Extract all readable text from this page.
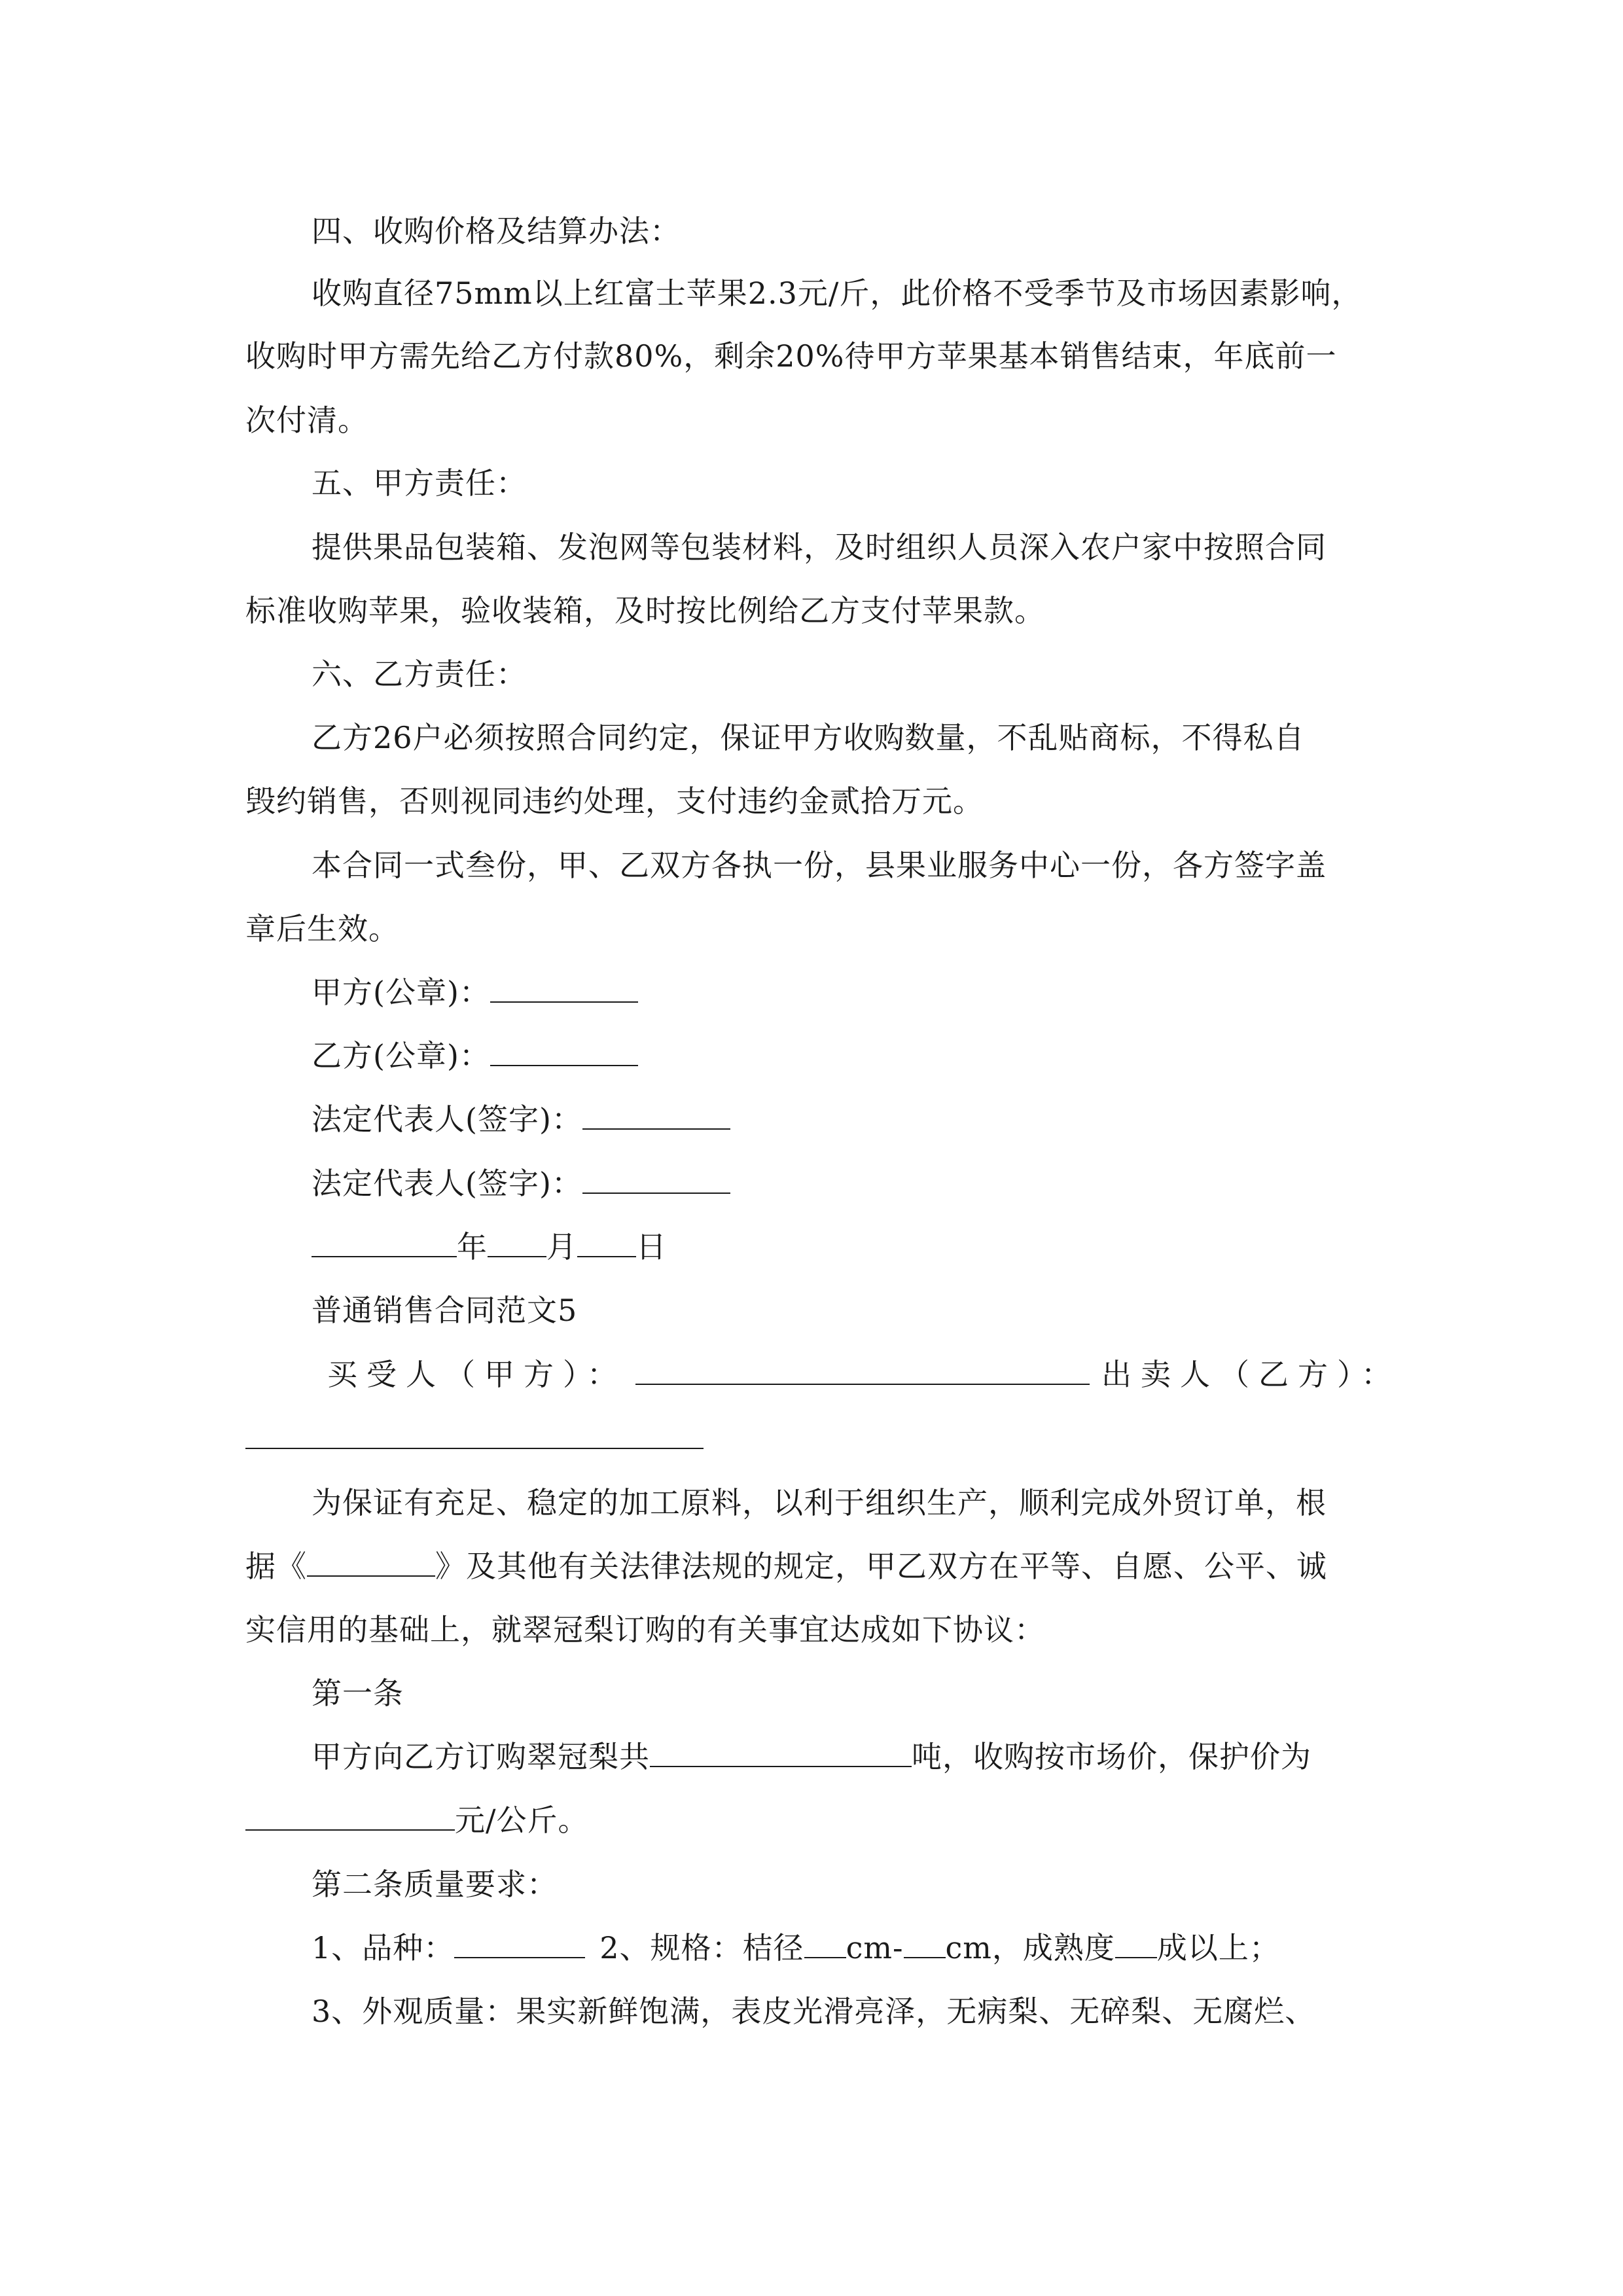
四、收购价格及结算办法：
收购直径75mm以上红富士苹果2.3元/斤，此价格不受季节及市场因素影响，
收购时甲方需先给乙方付款80%，剩余20%待甲方苹果基本销售结束，年底前一
次付清。
五、甲方责任：
提供果品包装箱、发泡网等包装材料，及时组织人员深入农户家中按照合同
标准收购苹果，验收装箱，及时按比例给乙方支付苹果款。
六、乙方责任：
乙方26户必须按照合同约定，保证甲方收购数量，不乱贴商标，不得私自
毁约销售，否则视同违约处理，支付违约金贰拾万元。
本合同一式叁份，甲、乙双方各执一份，县果业服务中心一份，各方签字盖
章后生效。
甲方(公章)：
乙方(公章)：
法定代表人(签字)：
法定代表人(签字)：
年 月 日
普通销售合同范文5
买受人（甲方）：	出卖人（乙方）：
为保证有充足、稳定的加工原料，以利于组织生产，顺利完成外贸订单，根
据《	》及其他有关法律法规的规定，甲乙双方在平等、自愿、公平、诚
实信用的基础上，就翠冠梨订购的有关事宜达成如下协议：
第一条
甲方向乙方订购翠冠梨共	吨，收购按市场价，保护价为
元/公斤。
第二条质量要求：
1、品种：	2、规格：桔径 cm- cm，成熟度 成以上；
3、外观质量：果实新鲜饱满，表皮光滑亮泽，无病梨、无碎梨、无腐烂、
